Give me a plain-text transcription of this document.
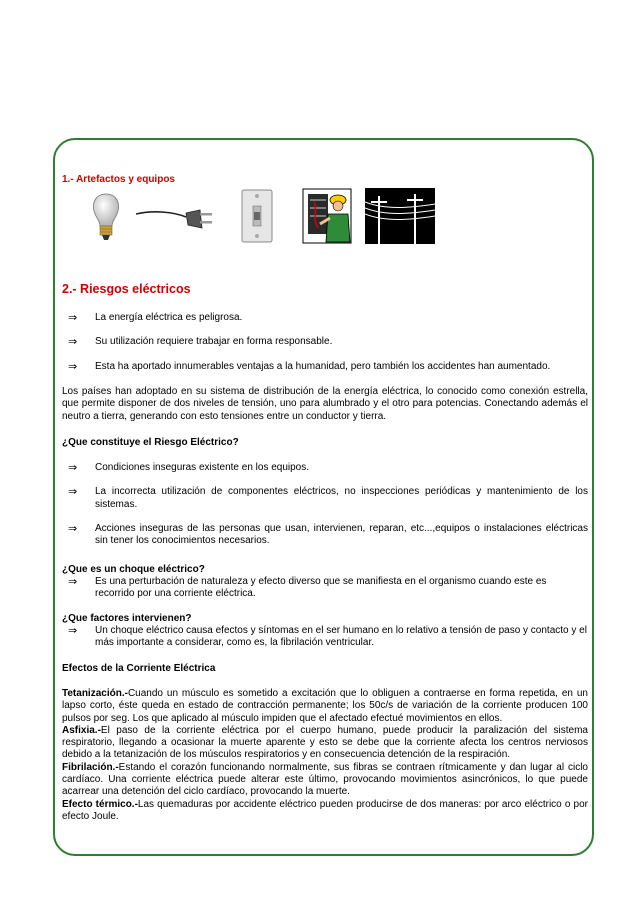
1.- Artefactos y equipos
2.- Riesgos eléctricos
⇒ La energía eléctrica es peligrosa.
⇒ Su utilización requiere trabajar en forma responsable.
⇒ Esta ha aportado innumerables ventajas a la humanidad, pero también los accidentes han aumentado.
Los países han adoptado en su sistema de distribución de la energía eléctrica, lo conocido como conexión estrella, que permite disponer de dos niveles de tensión, uno para alumbrado y el otro para potencias. Conectando además el neutro a tierra, generando con esto tensiones entre un conductor y tierra.
¿Que constituye el Riesgo Eléctrico?
⇒ Condiciones inseguras existente en los equipos.
⇒ La incorrecta utilización de componentes eléctricos, no inspecciones periódicas y mantenimiento de los sistemas.
⇒ Acciones inseguras de las personas que usan, intervienen, reparan, etc...,equipos o instalaciones eléctricas sin tener los conocimientos necesarios.
¿Que es un choque eléctrico?
⇒ Es una perturbación de naturaleza y efecto diverso que se manifiesta en el organismo cuando este es recorrido por una corriente eléctrica.
¿Que factores intervienen?
⇒ Un choque eléctrico causa efectos y síntomas en el ser humano en lo relativo a tensión de paso y contacto y el más importante a considerar, como es, la fibrilación ventricular.
Efectos de la Corriente Eléctrica
Tetanización.-Cuando un músculo es sometido a excitación que lo obliguen a contraerse en forma repetida, en un lapso corto, éste queda en estado de contracción permanente; los 50c/s de variación de la corriente producen 100 pulsos por seg. Los que aplicado al músculo impiden que el afectado efectué movimientos en ellos.
Asfixia.-El paso de la corriente eléctrica por el cuerpo humano, puede producir la paralización del sistema respiratorio, llegando a ocasionar la muerte aparente y esto se debe que la corriente afecta los centros nerviosos debido a la tetanización de los músculos respiratorios y en consecuencia detención de la respiración.
Fibrilación.-Estando el corazón funcionando normalmente, sus fibras se contraen rítmicamente y dan lugar al ciclo cardíaco. Una corriente eléctrica puede alterar este último, provocando movimientos asincrónicos, lo que puede acarrear una detención del ciclo cardíaco, provocando la muerte.
Efecto térmico.-Las quemaduras por accidente eléctrico pueden producirse de dos maneras: por arco eléctrico o por efecto Joule.
